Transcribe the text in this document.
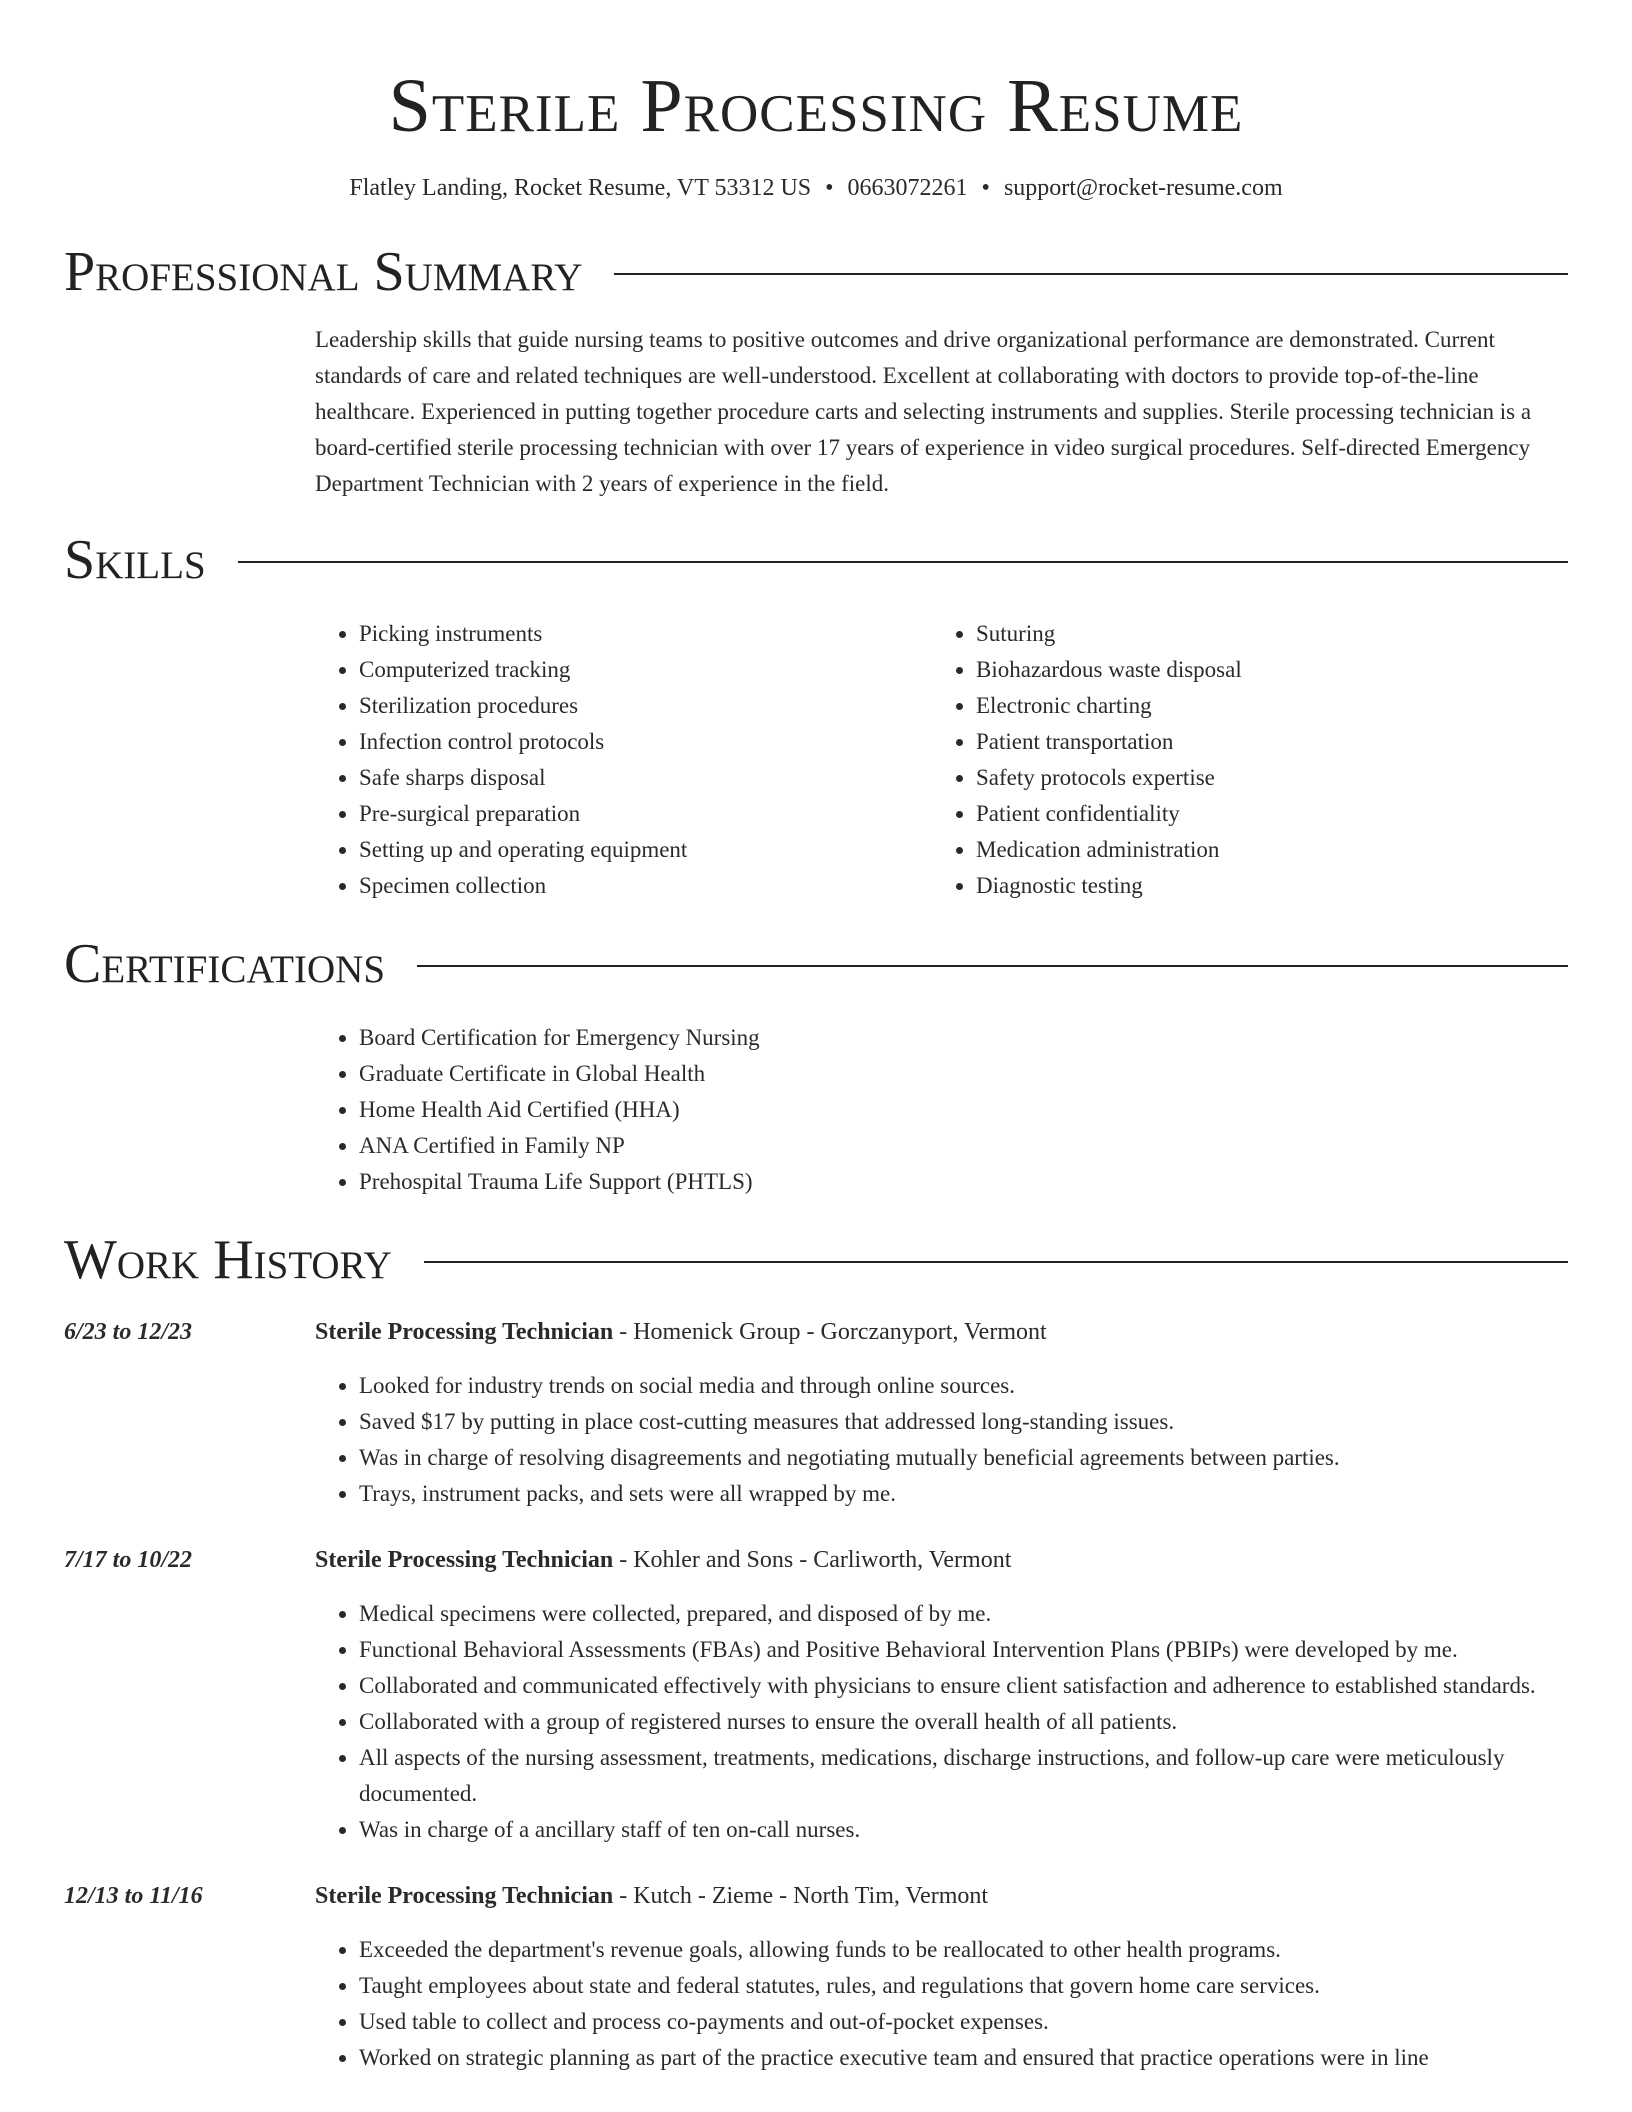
Sterile Processing Resume
Flatley Landing, Rocket Resume, VT 53312 US • 0663072261 • support@rocket-resume.com
Professional Summary
Leadership skills that guide nursing teams to positive outcomes and drive organizational performance are demonstrated. Current standards of care and related techniques are well-understood. Excellent at collaborating with doctors to provide top-of-the-line healthcare. Experienced in putting together procedure carts and selecting instruments and supplies. Sterile processing technician is a board-certified sterile processing technician with over 17 years of experience in video surgical procedures. Self-directed Emergency Department Technician with 2 years of experience in the field.
Skills
• Picking instruments
• Computerized tracking
• Sterilization procedures
• Infection control protocols
• Safe sharps disposal
• Pre-surgical preparation
• Setting up and operating equipment
• Specimen collection
• Suturing
• Biohazardous waste disposal
• Electronic charting
• Patient transportation
• Safety protocols expertise
• Patient confidentiality
• Medication administration
• Diagnostic testing
Certifications
• Board Certification for Emergency Nursing
• Graduate Certificate in Global Health
• Home Health Aid Certified (HHA)
• ANA Certified in Family NP
• Prehospital Trauma Life Support (PHTLS)
Work History
6/23 to 12/23	Sterile Processing Technician - Homenick Group - Gorczanyport, Vermont
• Looked for industry trends on social media and through online sources.
• Saved $17 by putting in place cost-cutting measures that addressed long-standing issues.
• Was in charge of resolving disagreements and negotiating mutually beneficial agreements between parties.
• Trays, instrument packs, and sets were all wrapped by me.
7/17 to 10/22	Sterile Processing Technician - Kohler and Sons - Carliworth, Vermont
• Medical specimens were collected, prepared, and disposed of by me.
• Functional Behavioral Assessments (FBAs) and Positive Behavioral Intervention Plans (PBIPs) were developed by me.
• Collaborated and communicated effectively with physicians to ensure client satisfaction and adherence to established standards.
• Collaborated with a group of registered nurses to ensure the overall health of all patients.
• All aspects of the nursing assessment, treatments, medications, discharge instructions, and follow-up care were meticulously documented.
• Was in charge of a ancillary staff of ten on-call nurses.
12/13 to 11/16	Sterile Processing Technician - Kutch - Zieme - North Tim, Vermont
• Exceeded the department's revenue goals, allowing funds to be reallocated to other health programs.
• Taught employees about state and federal statutes, rules, and regulations that govern home care services.
• Used table to collect and process co-payments and out-of-pocket expenses.
• Worked on strategic planning as part of the practice executive team and ensured that practice operations were in line
